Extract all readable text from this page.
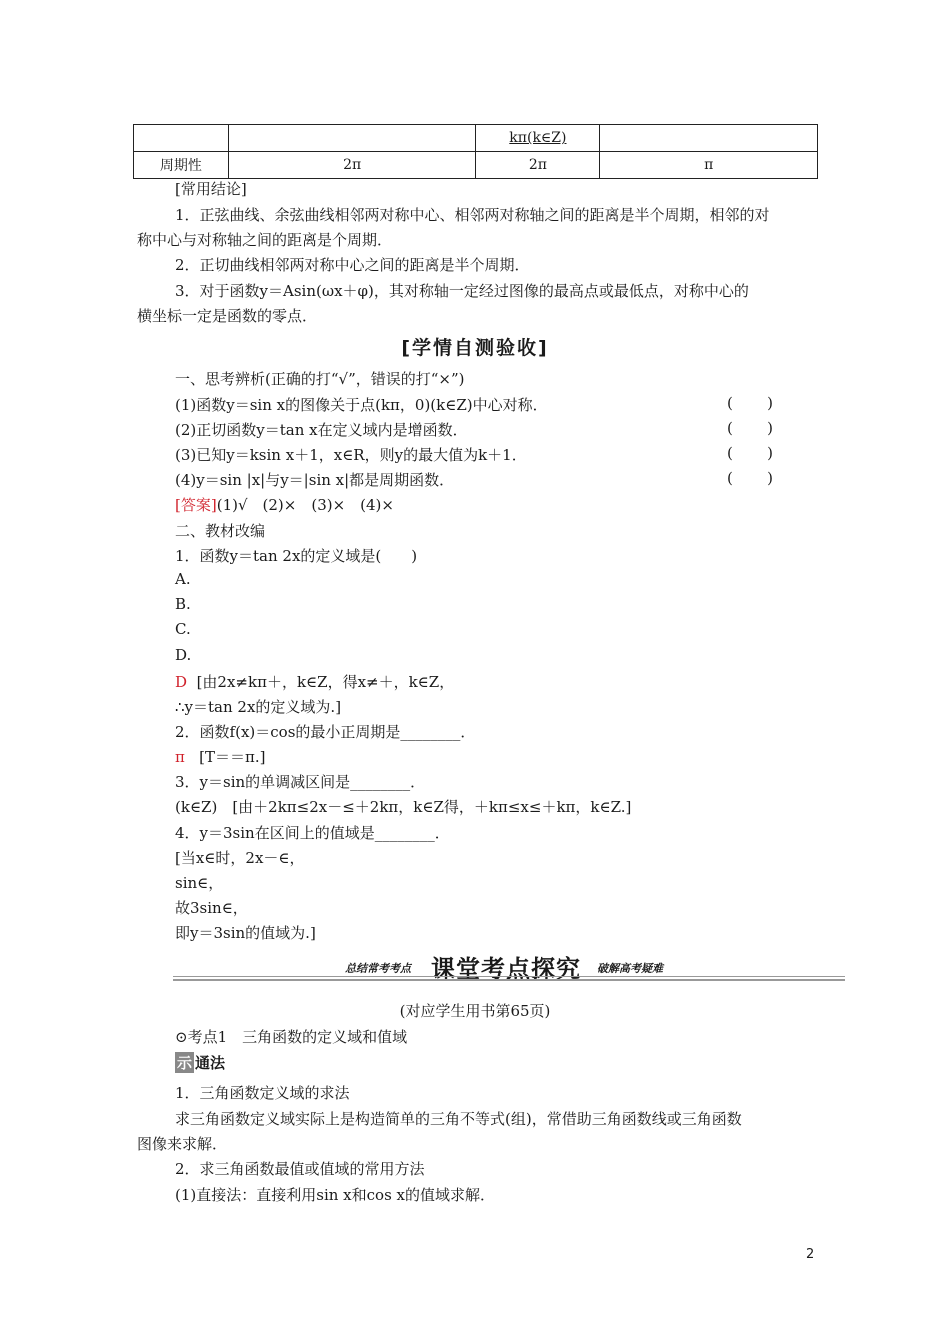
		kπ(k∈Z)	
周期性	2π	2π	π
[常用结论]
1．正弦曲线、余弦曲线相邻两对称中心、相邻两对称轴之间的距离是半个周期，相邻的对
称中心与对称轴之间的距离是个周期．
2．正切曲线相邻两对称中心之间的距离是半个周期．
3．对于函数y＝Asin(ωx＋φ)，其对称轴一定经过图像的最高点或最低点，对称中心的
横坐标一定是函数的零点．
[学情自测验收]
一、思考辨析(正确的打“√”，错误的打“×”)
(1)函数y＝sin x的图像关于点(kπ，0)(k∈Z)中心对称．	( )
(2)正切函数y＝tan x在定义域内是增函数．	( )
(3)已知y＝ksin x＋1，x∈R，则y的最大值为k＋1．	( )
(4)y＝sin |x|与y＝|sin x|都是周期函数．	( )
[答案](1)√　(2)×　(3)×　(4)×
二、教材改编
1．函数y＝tan 2x的定义域是(　　)
A.
B.
C.
D.
D [由2x≠kπ＋，k∈Z，得x≠＋，k∈Z，
∴y＝tan 2x的定义域为.]
2．函数f(x)＝cos的最小正周期是________．
π [T＝＝π.]
3．y＝sin的单调减区间是________．
(k∈Z)　[由＋2kπ≤2x－≤＋2kπ，k∈Z得，＋kπ≤x≤＋kπ，k∈Z.]
4．y＝3sin在区间上的值域是________．
[当x∈时，2x－∈，
sin∈，
故3sin∈，
即y＝3sin的值域为.]
总结常考考点 课堂考点探究 破解高考疑难
(对应学生用书第65页)
⊙考点1　三角函数的定义域和值域
示 通法
1．三角函数定义域的求法
求三角函数定义域实际上是构造简单的三角不等式(组)，常借助三角函数线或三角函数
图像来求解．
2．求三角函数最值或值域的常用方法
(1)直接法：直接利用sin x和cos x的值域求解．
2
